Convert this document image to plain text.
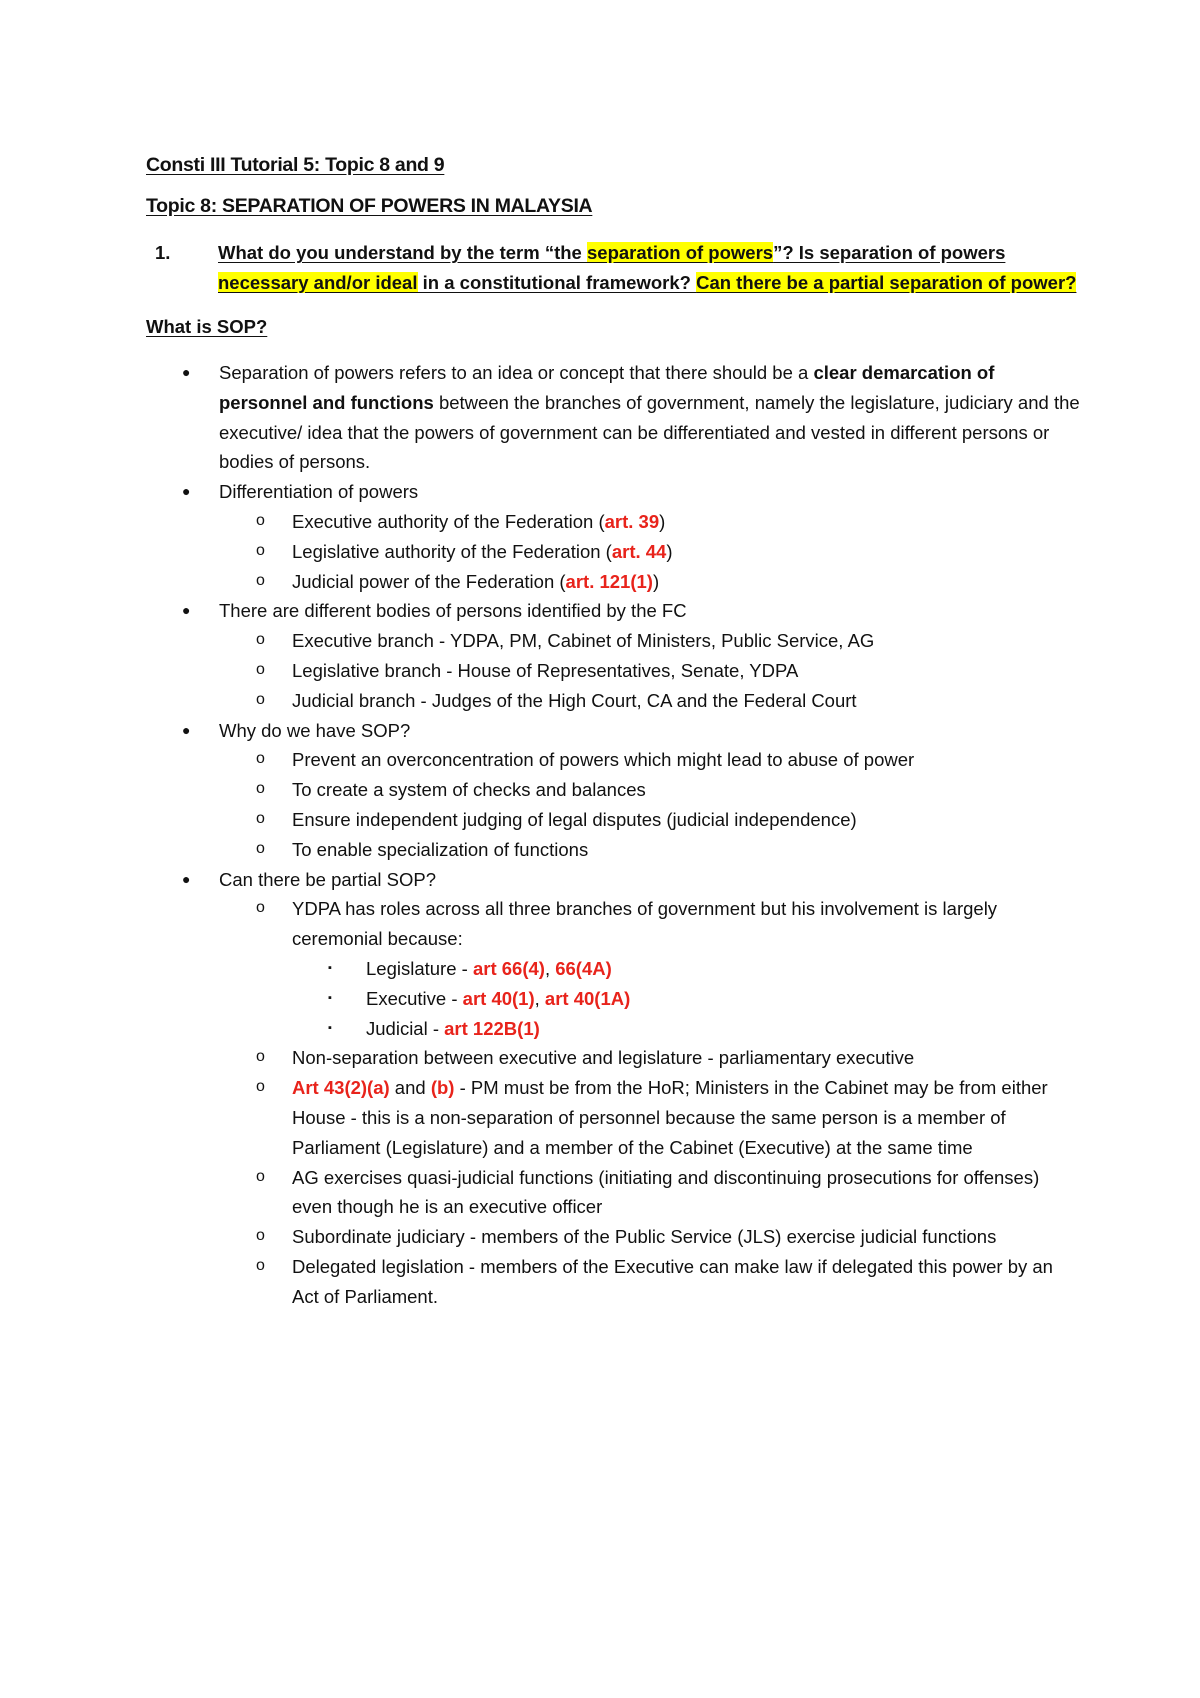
Consti III Tutorial 5: Topic 8 and 9

Topic 8: SEPARATION OF POWERS IN MALAYSIA

1.	What do you understand by the term “the separation of powers”? Is separation of powers necessary and/or ideal in a constitutional framework? Can there be a partial separation of power?

What is SOP?

● Separation of powers refers to an idea or concept that there should be a clear demarcation of personnel and functions between the branches of government, namely the legislature, judiciary and the executive/ idea that the powers of government can be differentiated and vested in different persons or bodies of persons.
● Differentiation of powers
o Executive authority of the Federation (art. 39)
o Legislative authority of the Federation (art. 44)
o Judicial power of the Federation (art. 121(1))
● There are different bodies of persons identified by the FC
o Executive branch - YDPA, PM, Cabinet of Ministers, Public Service, AG
o Legislative branch - House of Representatives, Senate, YDPA
o Judicial branch - Judges of the High Court, CA and the Federal Court
● Why do we have SOP?
o Prevent an overconcentration of powers which might lead to abuse of power
o To create a system of checks and balances
o Ensure independent judging of legal disputes (judicial independence)
o To enable specialization of functions
● Can there be partial SOP?
o YDPA has roles across all three branches of government but his involvement is largely ceremonial because:
▪ Legislature - art 66(4), 66(4A)
▪ Executive - art 40(1), art 40(1A)
▪ Judicial - art 122B(1)
o Non-separation between executive and legislature - parliamentary executive
o Art 43(2)(a) and (b) - PM must be from the HoR; Ministers in the Cabinet may be from either House - this is a non-separation of personnel because the same person is a member of Parliament (Legislature) and a member of the Cabinet (Executive) at the same time
o AG exercises quasi-judicial functions (initiating and discontinuing prosecutions for offenses) even though he is an executive officer
o Subordinate judiciary - members of the Public Service (JLS) exercise judicial functions
o Delegated legislation - members of the Executive can make law if delegated this power by an Act of Parliament.
